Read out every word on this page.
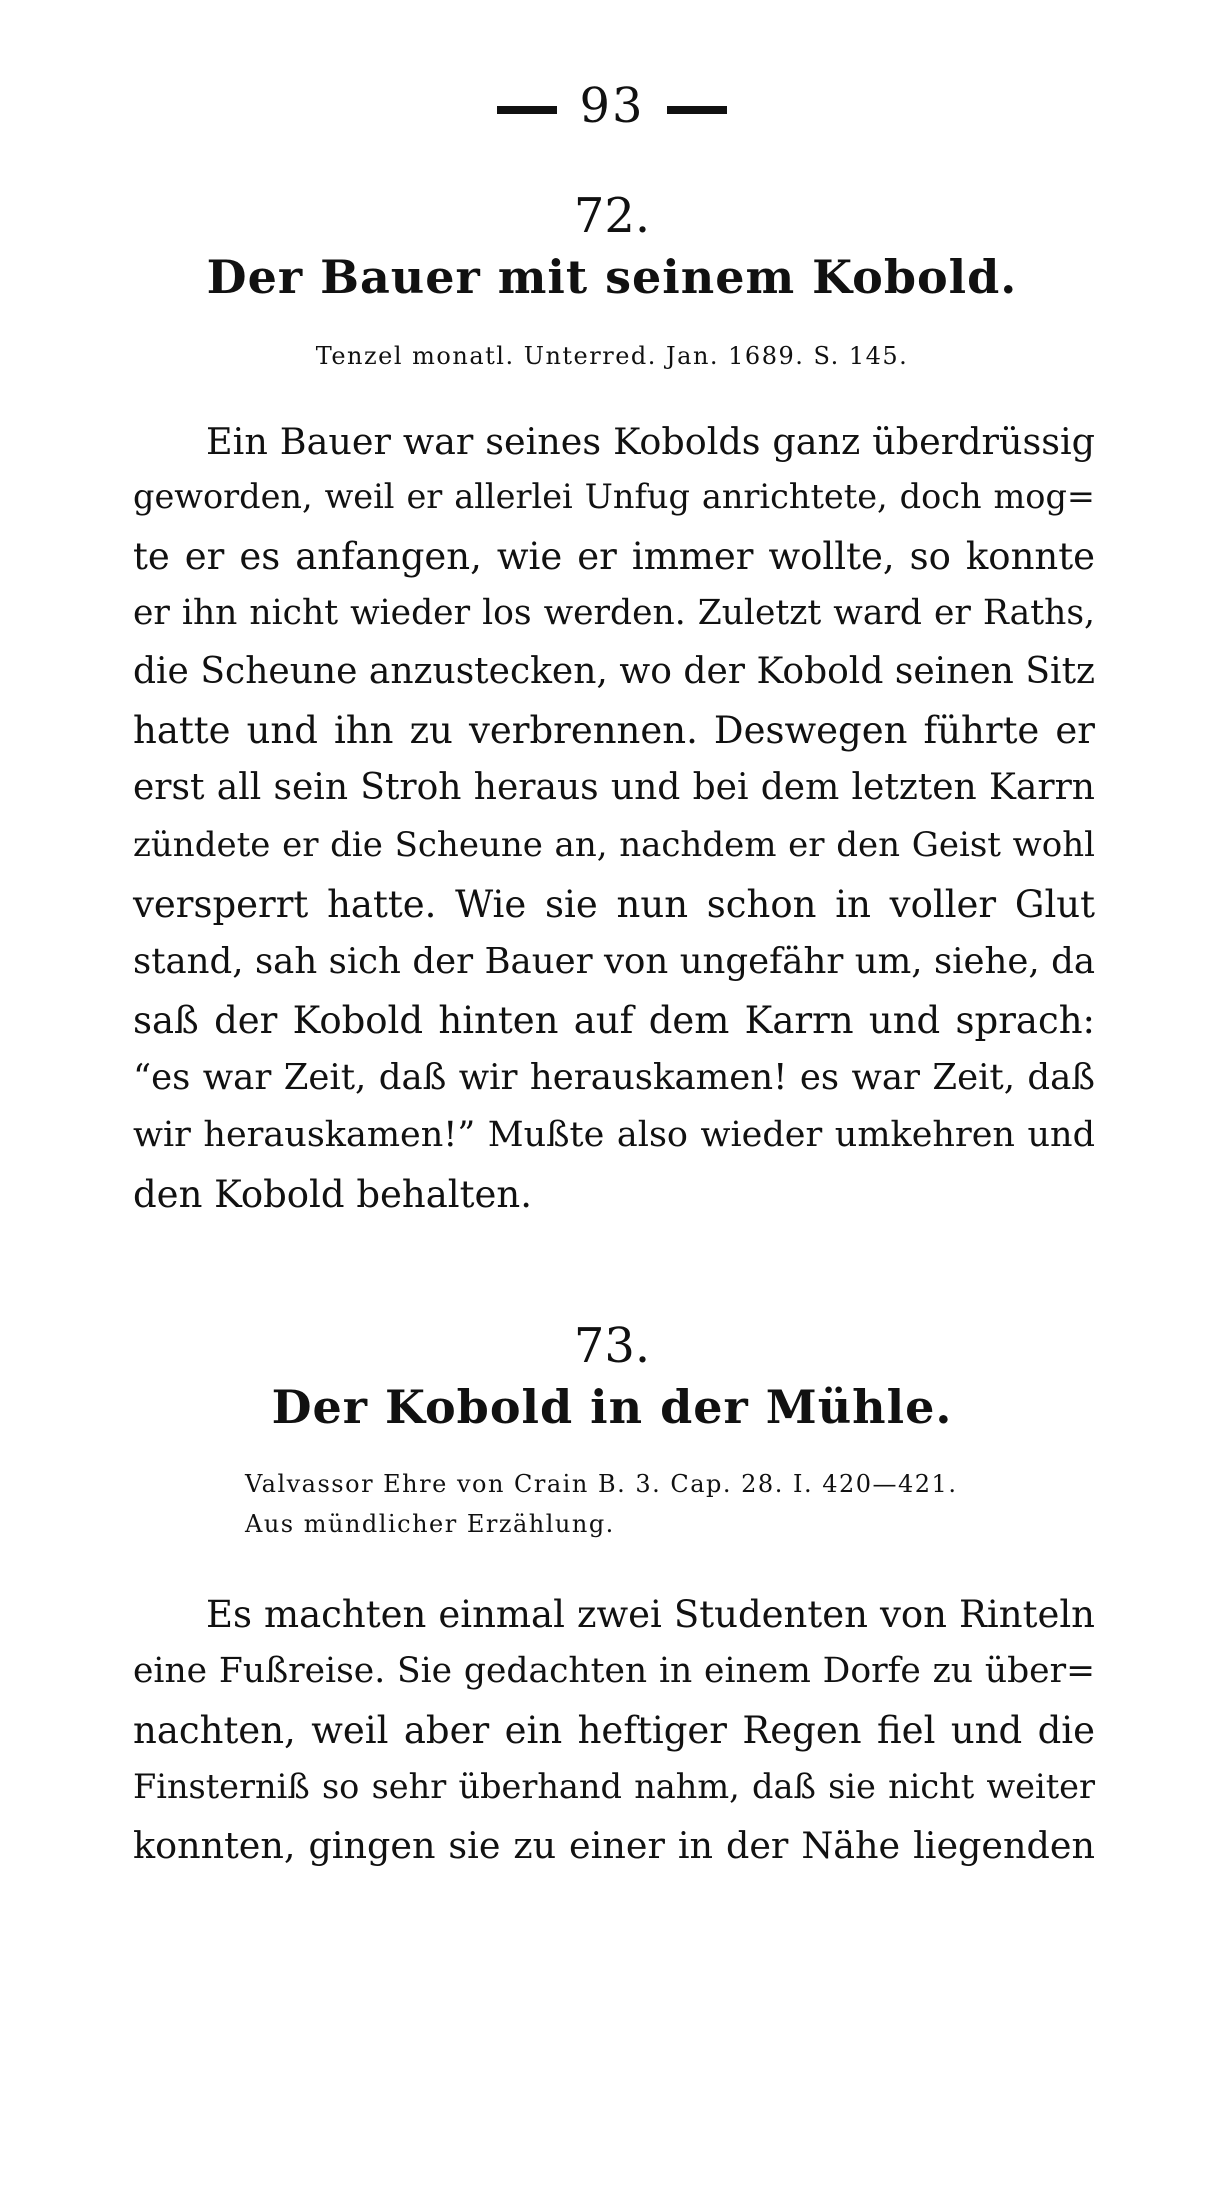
93
72.
Der Bauer mit seinem Kobold.
Tenzel monatl. Unterred. Jan. 1689. S. 145.
Ein Bauer war seines Kobolds ganz überdrüssig
geworden, weil er allerlei Unfug anrichtete, doch mog=
te er es anfangen, wie er immer wollte, so konnte
er ihn nicht wieder los werden. Zuletzt ward er Raths,
die Scheune anzustecken, wo der Kobold seinen Sitz
hatte und ihn zu verbrennen. Deswegen führte er
erst all sein Stroh heraus und bei dem letzten Karrn
zündete er die Scheune an, nachdem er den Geist wohl
versperrt hatte. Wie sie nun schon in voller Glut
stand, sah sich der Bauer von ungefähr um, siehe, da
saß der Kobold hinten auf dem Karrn und sprach:
“es war Zeit, daß wir herauskamen! es war Zeit, daß
wir herauskamen!” Mußte also wieder umkehren und
den Kobold behalten.
73.
Der Kobold in der Mühle.
Valvassor Ehre von Crain B. 3. Cap. 28. I. 420—421.
Aus mündlicher Erzählung.
Es machten einmal zwei Studenten von Rinteln
eine Fußreise. Sie gedachten in einem Dorfe zu über=
nachten, weil aber ein heftiger Regen fiel und die
Finsterniß so sehr überhand nahm, daß sie nicht weiter
konnten, gingen sie zu einer in der Nähe liegenden
